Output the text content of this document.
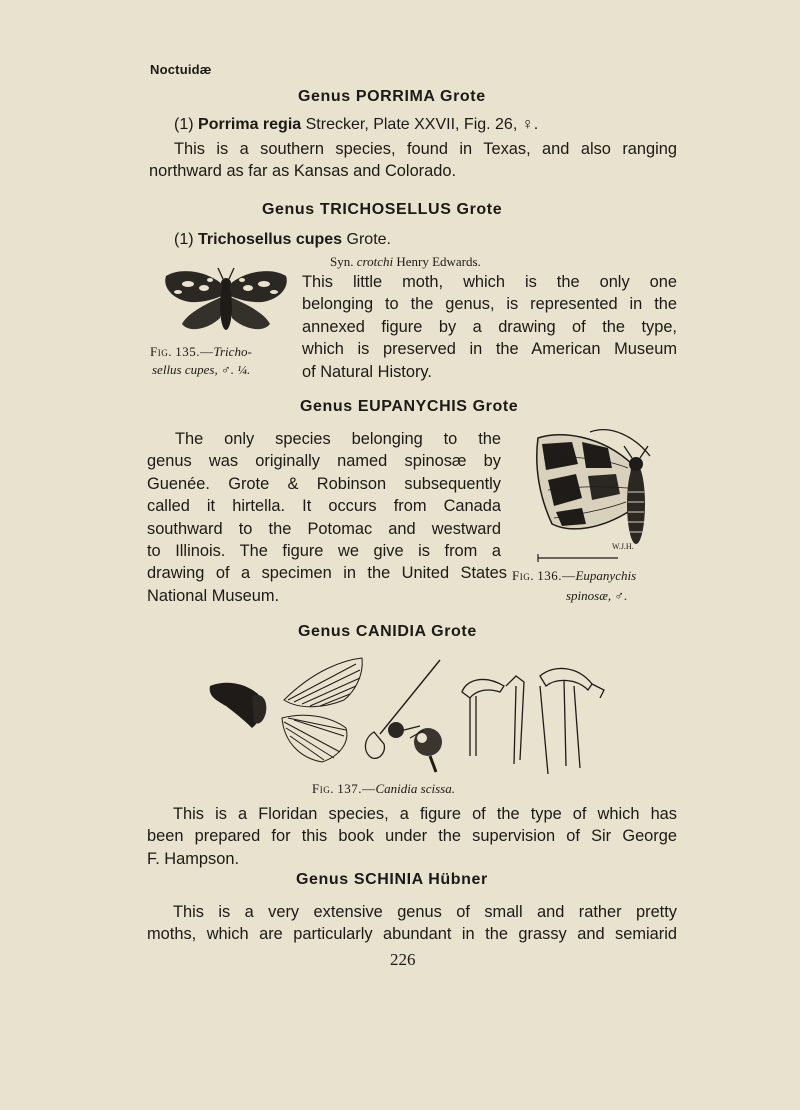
Noctuidæ
Genus PORRIMA Grote
(1) Porrima regia Strecker, Plate XXVII, Fig. 26, ♀.
This is a southern species, found in Texas, and also ranging
northward as far as Kansas and Colorado.
Genus TRICHOSELLUS Grote
(1) Trichosellus cupes Grote.
Syn. crotchi Henry Edwards.
Fig. 135.—Tricho-
sellus cupes, ♂. ¼.
This little moth, which is the only one
belonging to the genus, is represented in the
annexed figure by a drawing of the type,
which is preserved in the American Museum
of Natural History.
Genus EUPANYCHIS Grote
The only species belonging to the
genus was originally named spinosæ by
Guenée. Grote & Robinson subsequently
called it hirtella. It occurs from Canada
southward to the Potomac and westward
to Illinois. The figure we give is from a
drawing of a specimen in the United States
National Museum.
W.J.H.
Fig. 136.—Eupanychis
spinosæ, ♂.
Genus CANIDIA Grote
Fig. 137.—Canidia scissa.
This is a Floridan species, a figure of the type of which has
been prepared for this book under the supervision of Sir George
F. Hampson.
Genus SCHINIA Hübner
This is a very extensive genus of small and rather pretty
moths, which are particularly abundant in the grassy and semiarid
226
